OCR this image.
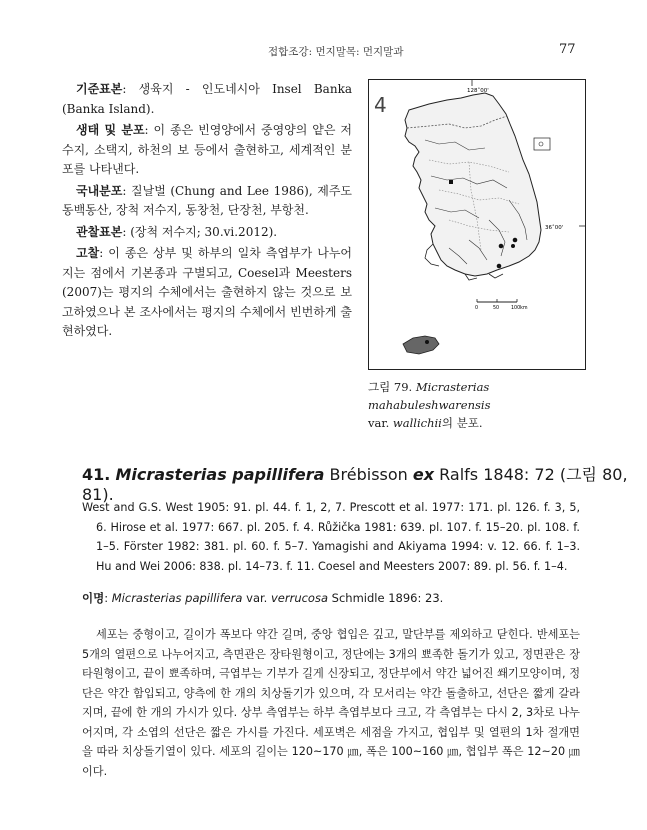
접합조강: 먼지말목: 먼지말과	77

기준표본: 생육지 - 인도네시아 Insel Banka (Banka Island).

생태 및 분포: 이 종은 빈영양에서 중영양의 얕은 저수지, 소택지, 하천의 보 등에서 출현하고, 세계적인 분포를 나타낸다.

국내분포: 질날벌 (Chung and Lee 1986), 제주도 동백동산, 장척 저수지, 동창천, 단장천, 부항천.

관찰표본: (장척 저수지; 30.vi.2012).

고찰: 이 종은 상부 및 하부의 일차 측엽부가 나누어지는 점에서 기본종과 구별되고, Coesel과 Meesters (2007)는 평지의 수체에서는 출현하지 않는 것으로 보고하였으나 본 조사에서는 평지의 수체에서 빈번하게 출현하였다.

128˚00'
4
36˚00'
0	50 100km
그림 79. Micrasterias mahabuleshwarensis
var. wallichii의 분포.
41. Micrasterias papillifera Brébisson ex Ralfs 1848: 72 (그림 80, 81).

West and G.S. West 1905: 91. pl. 44. f. 1, 2, 7. Prescott et al. 1977: 171. pl. 126. f. 3, 5, 6. Hirose et al. 1977: 667. pl. 205. f. 4. Růžička 1981: 639. pl. 107. f. 15–20. pl. 108. f. 1–5. Förster 1982: 381. pl. 60. f. 5–7. Yamagishi and Akiyama 1994: v. 12. 66. f. 1–3. Hu and Wei 2006: 838. pl. 14–73. f. 11. Coesel and Meesters 2007: 89. pl. 56. f. 1–4.

이명: Micrasterias papillifera var. verrucosa Schmidle 1896: 23.
세포는 중형이고, 길이가 폭보다 약간 길며, 중앙 협입은 깊고, 말단부를 제외하고 닫힌다. 반세포는 5개의 열편으로 나누어지고, 측면관은 장타원형이고, 정단에는 3개의 뾰족한 돌기가 있고, 정면관은 장타원형이고, 끝이 뾰족하며, 극엽부는 기부가 길게 신장되고, 정단부에서 약간 넓어진 쐐기모양이며, 정단은 약간 함입되고, 양측에 한 개의 치상돌기가 있으며, 각 모서리는 약간 돌출하고, 선단은 짧게 갈라지며, 끝에 한 개의 가시가 있다. 상부 측엽부는 하부 측엽부보다 크고, 각 측엽부는 다시 2, 3차로 나누어지며, 각 소엽의 선단은 짧은 가시를 가진다. 세포벽은 세점을 가지고, 협입부 및 열편의 1차 절개면을 따라 치상돌기열이 있다. 세포의 길이는 120~170 ㎛, 폭은 100~160 ㎛, 협입부 폭은 12~20 ㎛이다.
